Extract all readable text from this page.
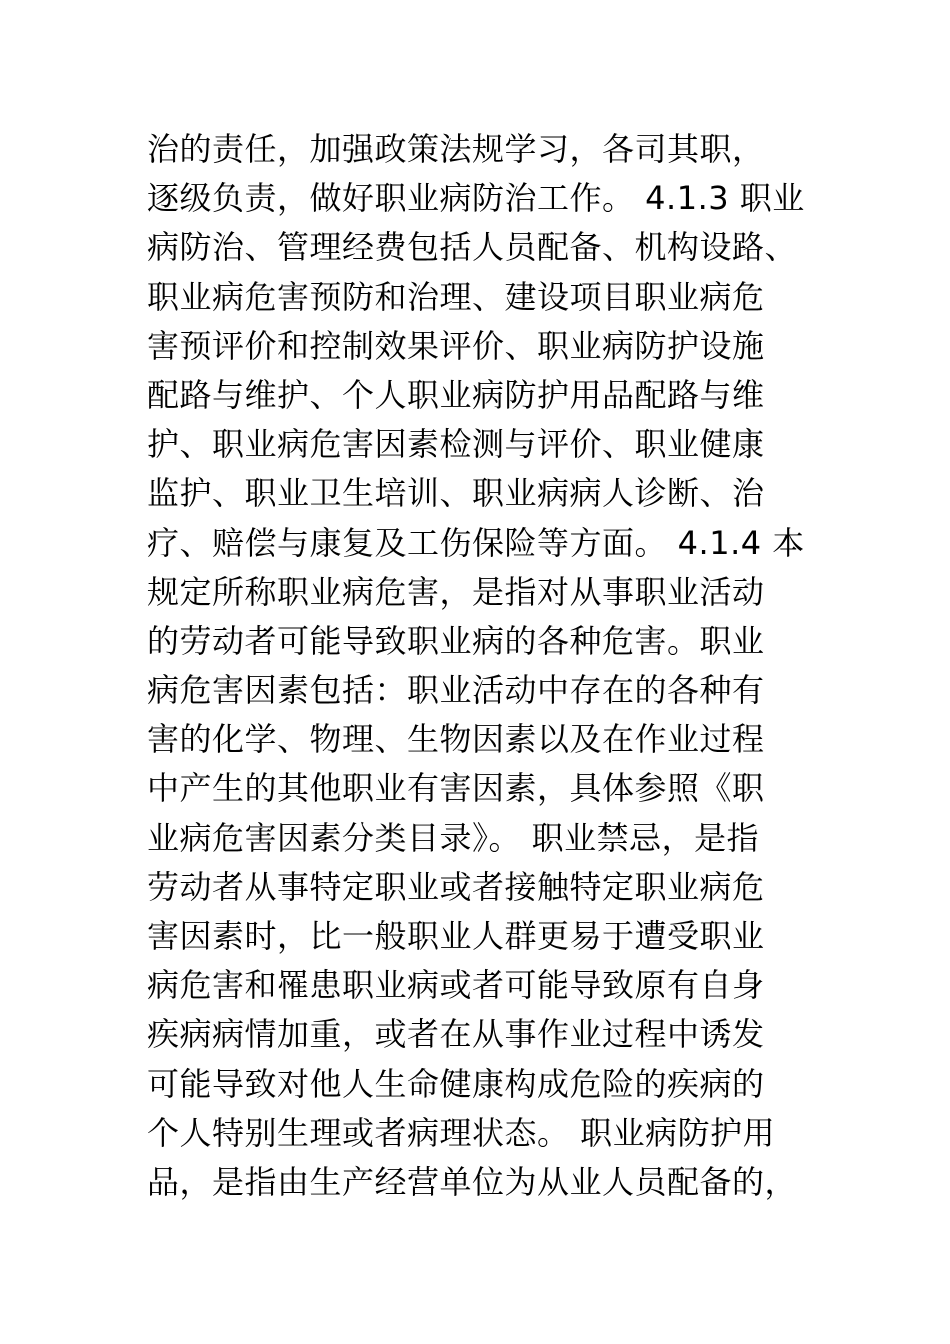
治的责任，加强政策法规学习，各司其职，
逐级负责，做好职业病防治工作。 4.1.3 职业
病防治、管理经费包括人员配备、机构设路、
职业病危害预防和治理、建设项目职业病危
害预评价和控制效果评价、职业病防护设施
配路与维护、个人职业病防护用品配路与维
护、职业病危害因素检测与评价、职业健康
监护、职业卫生培训、职业病病人诊断、治
疗、赔偿与康复及工伤保险等方面。 4.1.4 本
规定所称职业病危害，是指对从事职业活动
的劳动者可能导致职业病的各种危害。职业
病危害因素包括：职业活动中存在的各种有
害的化学、物理、生物因素以及在作业过程
中产生的其他职业有害因素，具体参照《职
业病危害因素分类目录》。 职业禁忌，是指
劳动者从事特定职业或者接触特定职业病危
害因素时，比一般职业人群更易于遭受职业
病危害和罹患职业病或者可能导致原有自身
疾病病情加重，或者在从事作业过程中诱发
可能导致对他人生命健康构成危险的疾病的
个人特别生理或者病理状态。 职业病防护用
品，是指由生产经营单位为从业人员配备的，
